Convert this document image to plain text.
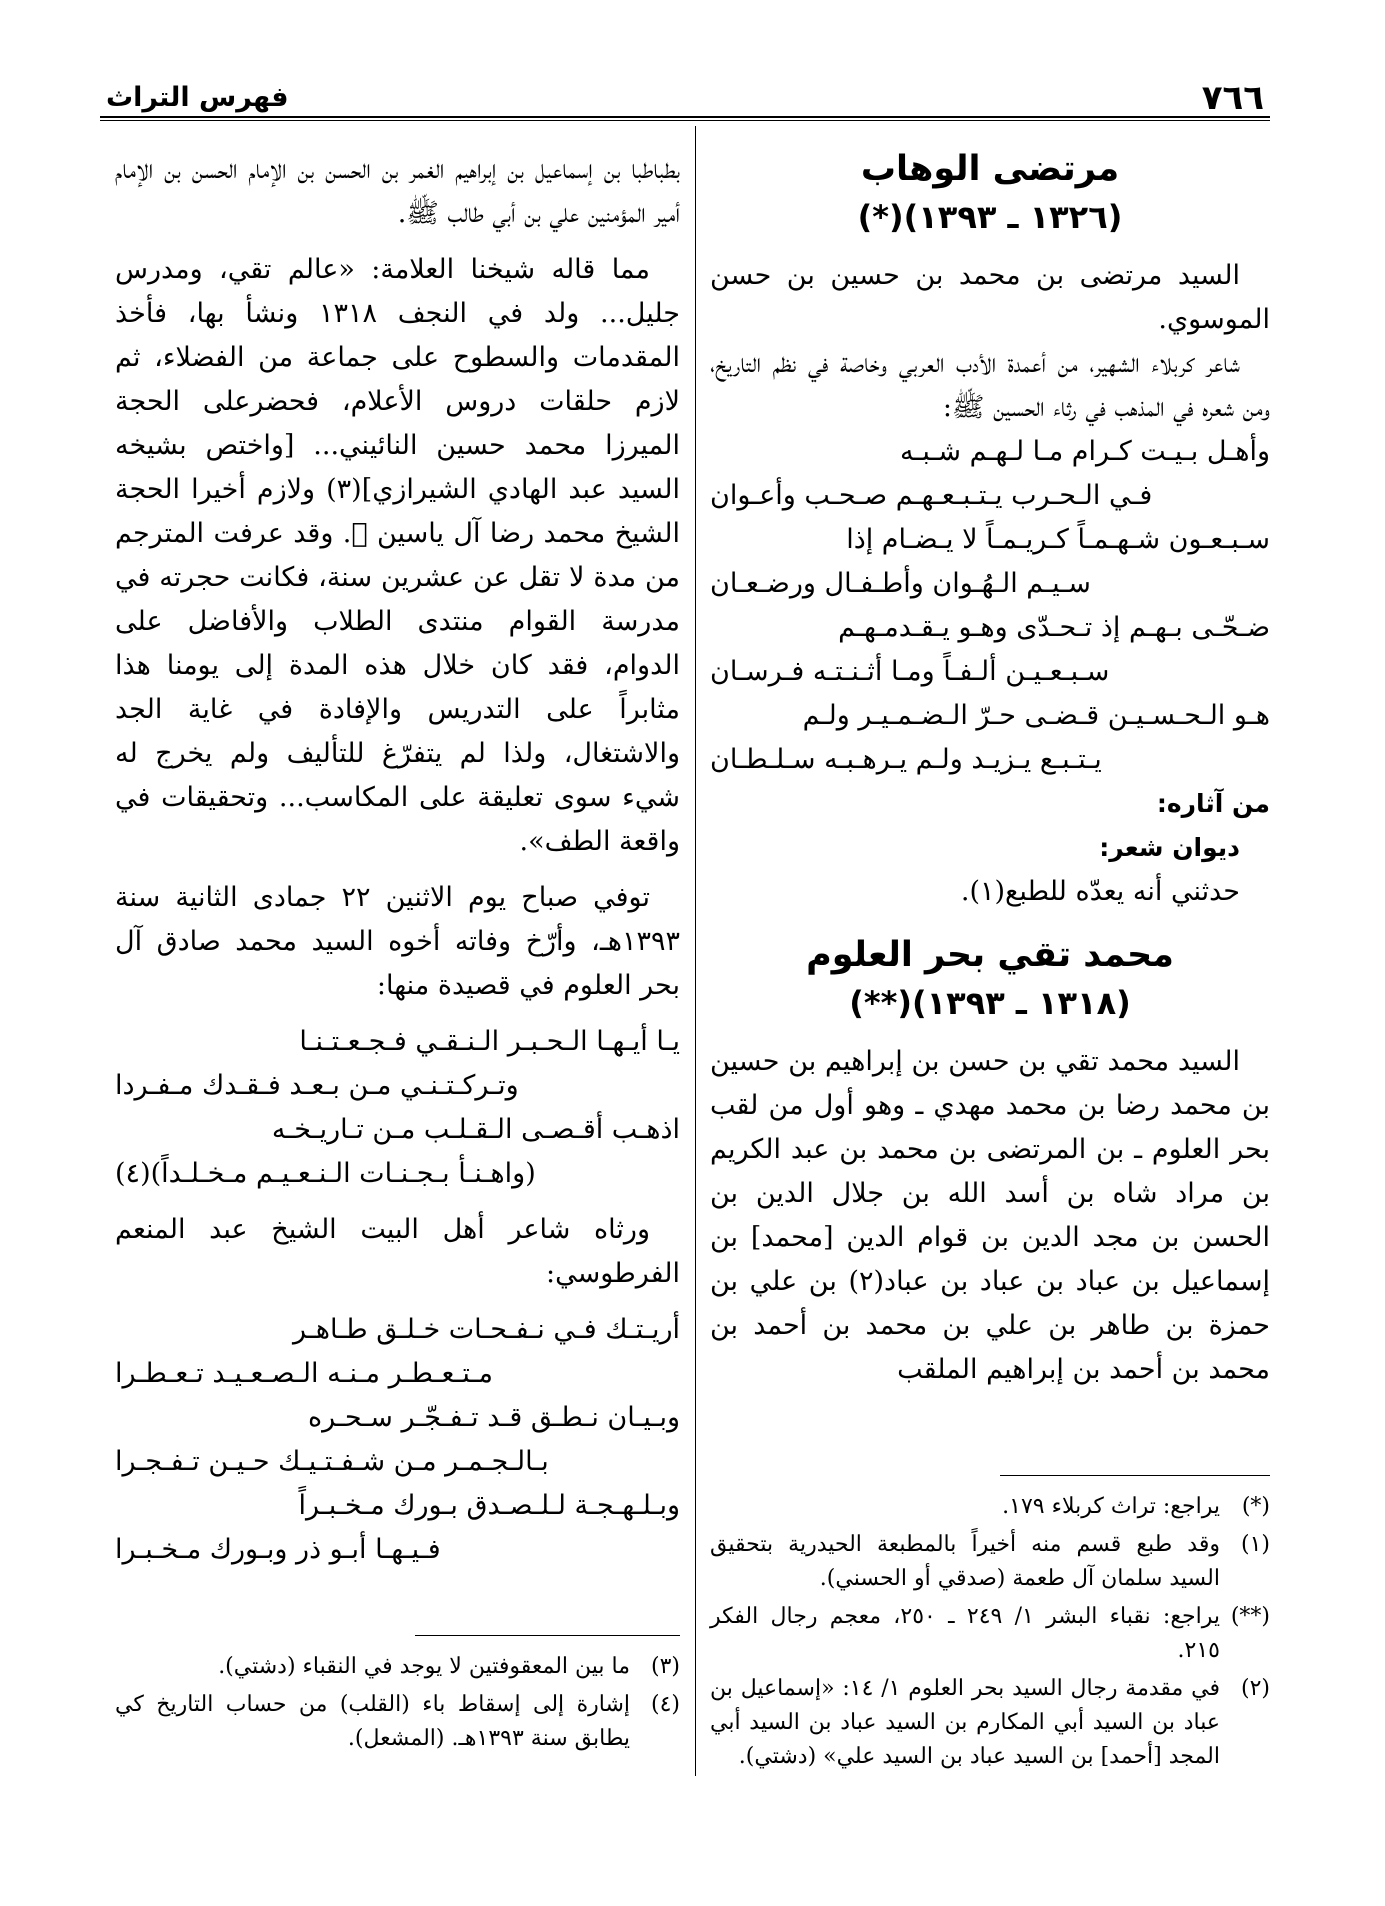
٧٦٦
فهرس التراث
مرتضى الوهاب
(١٣٢٦ ـ ١٣٩٣)(*)

السيد مرتضى بن محمد بن حسين بن حسن الموسوي.

شاعر كربلاء الشهير، من أعمدة الأدب العربي وخاصة في نظم التاريخ، ومن شعره في المذهب في رثاء الحسين ﷺ:

وأهـل بـيـت كـرام مـا لـهـم شـبـه
فـي الـحـرب يـتـبـعـهـم صـحـب وأعـوان
سـبـعـون شـهـمـاً كـريـمـاً لا يـضـام إذا
سـيـم الـهُـوان وأطـفـال ورضـعـان
ضـحّـى بـهـم إذ تـحـدّى وهـو يـقـدمـهـم
سـبـعـيـن ألـفـاً ومـا أثـنـتـه فـرسـان
هـو الـحـسـيـن قـضـى حـرّ الـضـمـيـر ولـم
يـتـبـع يـزيـد ولـم يـرهـبـه سـلـطـان

من آثاره:

ديوان شعر:

حدثني أنه يعدّه للطبع(١).

محمد تقي بحر العلوم
(١٣١٨ ـ ١٣٩٣)(**)

السيد محمد تقي بن حسن بن إبراهيم بن حسين بن محمد رضا بن محمد مهدي ـ وهو أول من لقب بحر العلوم ـ بن المرتضى بن محمد بن عبد الكريم بن مراد شاه بن أسد الله بن جلال الدين بن الحسن بن مجد الدين بن قوام الدين [محمد] بن إسماعيل بن عباد بن عباد بن عباد(٢) بن علي بن حمزة بن طاهر بن علي بن محمد بن أحمد بن محمد بن أحمد بن إبراهيم الملقب

(*)
يراجع: تراث كربلاء ١٧٩.
(١)
وقد طبع قسم منه أخيراً بالمطبعة الحيدرية بتحقيق السيد سلمان آل طعمة (صدقي أو الحسني).
(**)
يراجع: نقباء البشر ١/ ٢٤٩ ـ ٢٥٠، معجم رجال الفكر ٢١٥.
(٢)
في مقدمة رجال السيد بحر العلوم ١/ ١٤: «إسماعيل بن عباد بن السيد أبي المكارم بن السيد عباد بن السيد أبي المجد [أحمد] بن السيد عباد بن السيد علي» (دشتي).

بطباطبا بن إسماعيل بن إبراهيم الغمر بن الحسن بن الإمام الحسن بن الإمام أمير المؤمنين علي بن أبي طالب ﷺ.

مما قاله شيخنا العلامة: «عالم تقي، ومدرس جليل... ولد في النجف ١٣١٨ ونشأ بها، فأخذ المقدمات والسطوح على جماعة من الفضلاء، ثم لازم حلقات دروس الأعلام، فحضرعلى الحجة الميرزا محمد حسين النائيني... [واختص بشيخه السيد عبد الهادي الشيرازي](٣) ولازم أخيرا الحجة الشيخ محمد رضا آل ياسين ﷫. وقد عرفت المترجم من مدة لا تقل عن عشرين سنة، فكانت حجرته في مدرسة القوام منتدى الطلاب والأفاضل على الدوام، فقد كان خلال هذه المدة إلى يومنا هذا مثابراً على التدريس والإفادة في غاية الجد والاشتغال، ولذا لم يتفرّغ للتأليف ولم يخرج له شيء سوى تعليقة على المكاسب... وتحقيقات في واقعة الطف».

توفي صباح يوم الاثنين ٢٢ جمادى الثانية سنة ١٣٩٣هـ، وأرّخ وفاته أخوه السيد محمد صادق آل بحر العلوم في قصيدة منها:

يـا أيـهـا الـحـبـر الـنـقـي فـجـعـتـنـا
وتـركـتـنـي مـن بـعـد فـقـدك مـفـردا
اذهـب أقـصـى الـقـلـب مـن تـاريـخـه
(واهـنـأ بـجـنـات الـنـعـيـم مـخـلـداً)(٤)

ورثاه شاعر أهل البيت الشيخ عبد المنعم الفرطوسي:

أريـتـك فـي نـفـحـات خـلـق طـاهـر
مـتـعـطـر مـنـه الـصـعـيـد تـعـطـرا
وبـيـان نـطـق قـد تـفـجّـر سـحـره
بـالـجـمـر مـن شـفـتـيـك حـيـن تـفـجـرا
وبـلـهـجـة لـلـصـدق بـورك مـخـبـراً
فـيـهـا أبـو ذر وبـورك مـخـبـرا
(٣)
ما بين المعقوفتين لا يوجد في النقباء (دشتي).
(٤)
إشارة إلى إسقاط باء (القلب) من حساب التاريخ كي يطابق سنة ١٣٩٣هـ. (المشعل).
